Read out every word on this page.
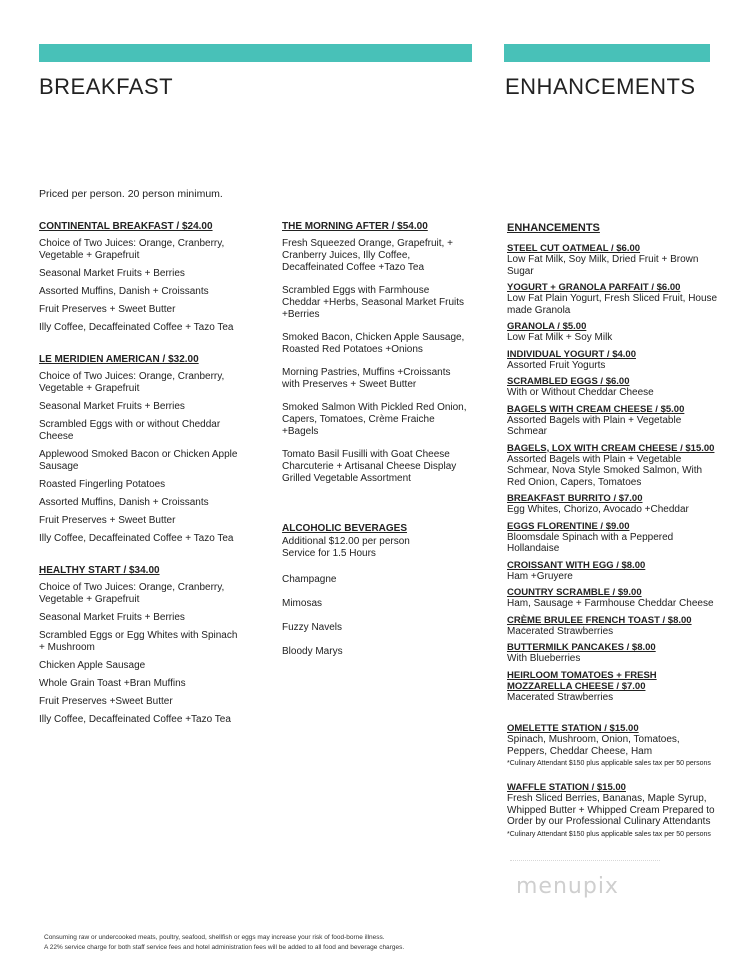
BREAKFAST	ENHANCEMENTS
Priced per person. 20 person minimum.

CONTINENTAL BREAKFAST / $24.00

Choice of Two Juices: Orange, Cranberry, Vegetable + Grapefruit

Seasonal Market Fruits + Berries

Assorted Muffins, Danish + Croissants

Fruit Preserves + Sweet Butter

Illy Coffee, Decaffeinated Coffee + Tazo Tea

LE MERIDIEN AMERICAN / $32.00

Choice of Two Juices: Orange, Cranberry, Vegetable + Grapefruit

Seasonal Market Fruits + Berries

Scrambled Eggs with or without Cheddar Cheese

Applewood Smoked Bacon or Chicken Apple Sausage

Roasted Fingerling Potatoes

Assorted Muffins, Danish + Croissants

Fruit Preserves + Sweet Butter

Illy Coffee, Decaffeinated Coffee + Tazo Tea

HEALTHY START / $34.00

Choice of Two Juices: Orange, Cranberry, Vegetable + Grapefruit

Seasonal Market Fruits + Berries

Scrambled Eggs or Egg Whites with Spinach + Mushroom

Chicken Apple Sausage

Whole Grain Toast +Bran Muffins

Fruit Preserves +Sweet Butter

Illy Coffee, Decaffeinated Coffee +Tazo Tea

THE MORNING AFTER / $54.00

Fresh Squeezed Orange, Grapefruit, + Cranberry Juices, Illy Coffee, Decaffeinated Coffee +Tazo Tea

Scrambled Eggs with Farmhouse Cheddar +Herbs, Seasonal Market Fruits +Berries

Smoked Bacon, Chicken Apple Sausage, Roasted Red Potatoes +Onions

Morning Pastries, Muffins +Croissants with Preserves + Sweet Butter

Smoked Salmon With Pickled Red Onion, Capers, Tomatoes, Crème Fraiche +Bagels

Tomato Basil Fusilli with Goat Cheese Charcuterie + Artisanal Cheese Display Grilled Vegetable Assortment

ALCOHOLIC BEVERAGES

Additional $12.00 per person

Service for 1.5 Hours

Champagne

Mimosas

Fuzzy Navels

Bloody Marys

ENHANCEMENTS

STEEL CUT OATMEAL / $6.00

Low Fat Milk, Soy Milk, Dried Fruit + Brown Sugar

YOGURT + GRANOLA PARFAIT / $6.00

Low Fat Plain Yogurt, Fresh Sliced Fruit, House made Granola

GRANOLA / $5.00

Low Fat Milk + Soy Milk

INDIVIDUAL YOGURT / $4.00

Assorted Fruit Yogurts

SCRAMBLED EGGS / $6.00

With or Without Cheddar Cheese

BAGELS WITH CREAM CHEESE / $5.00

Assorted Bagels with Plain + Vegetable Schmear

BAGELS, LOX WITH CREAM CHEESE / $15.00

Assorted Bagels with Plain + Vegetable Schmear, Nova Style Smoked Salmon, With Red Onion, Capers, Tomatoes

BREAKFAST BURRITO / $7.00

Egg Whites, Chorizo, Avocado +Cheddar

EGGS FLORENTINE / $9.00

Bloomsdale Spinach with a Peppered Hollandaise

CROISSANT WITH EGG / $8.00

Ham +Gruyere

COUNTRY SCRAMBLE / $9.00

Ham, Sausage + Farmhouse Cheddar Cheese

CRÈME BRULEE FRENCH TOAST / $8.00

Macerated Strawberries

BUTTERMILK PANCAKES / $8.00

With Blueberries

HEIRLOOM TOMATOES + FRESH MOZZARELLA CHEESE / $7.00

Macerated Strawberries

OMELETTE STATION / $15.00

Spinach, Mushroom, Onion, Tomatoes, Peppers, Cheddar Cheese, Ham

*Culinary Attendant $150 plus applicable sales tax per 50 persons

WAFFLE STATION / $15.00

Fresh Sliced Berries, Bananas, Maple Syrup, Whipped Butter + Whipped Cream Prepared to Order by our Professional Culinary Attendants

*Culinary Attendant $150 plus applicable sales tax per 50 persons

menupix
Consuming raw or undercooked meats, poultry, seafood, shellfish or eggs may increase your risk of food-borne illness.
A 22% service charge for both staff service fees and hotel administration fees will be added to all food and beverage charges.
